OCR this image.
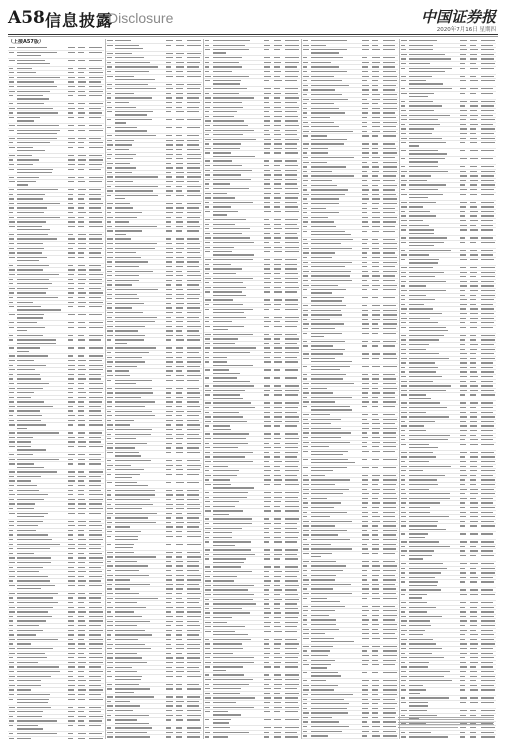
A58 信息披露
Disclosure	中国证券报
2020年7月16日 星期四
（上接A57版）
